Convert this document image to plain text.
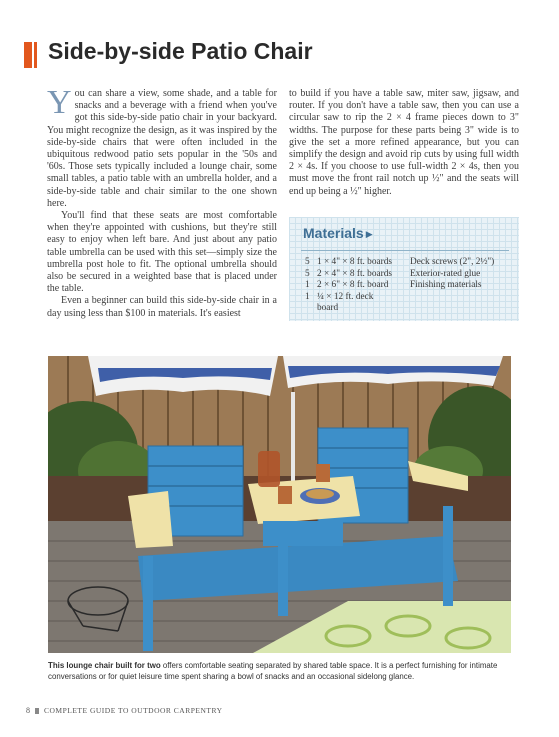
Side-by-side Patio Chair

You can share a view, some shade, and a table for snacks and a beverage with a friend when you've got this side-by-side patio chair in your backyard. You might recognize the design, as it was inspired by the side-by-side chairs that were often included in the ubiquitous redwood patio sets popular in the '50s and '60s. Those sets typically included a lounge chair, some small tables, a patio table with an umbrella holder, and a side-by-side table and chair similar to the one shown here.

You'll find that these seats are most comfortable when they're appointed with cushions, but they're still easy to enjoy when left bare. And just about any patio table umbrella can be used with this set—simply size the umbrella post hole to fit. The optional umbrella should also be secured in a weighted base that is placed under the table.

Even a beginner can build this side-by-side chair in a day using less than $100 in materials. It's easiest

to build if you have a table saw, miter saw, jigsaw, and router. If you don't have a table saw, then you can use a circular saw to rip the 2 × 4 frame pieces down to 3" widths. The purpose for these parts being 3" wide is to give the set a more refined appearance, but you can simplify the design and avoid rip cuts by using full width 2 × 4s. If you choose to use full-width 2 × 4s, then you must move the front rail notch up ½" and the seats will end up being a ½" higher.

Materials ▶
5 1 × 4" × 8 ft. boards
5 2 × 4" × 8 ft. boards
1 2 × 6" × 8 ft. board
1 ¼ × 12 ft. deck board
Deck screws (2", 2½")
Exterior-rated glue
Finishing materials
This lounge chair built for two offers comfortable seating separated by shared table space. It is a perfect furnishing for intimate conversations or for quiet leisure time spent sharing a bowl of snacks and an occasional sidelong glance.
8 COMPLETE GUIDE TO OUTDOOR CARPENTRY
